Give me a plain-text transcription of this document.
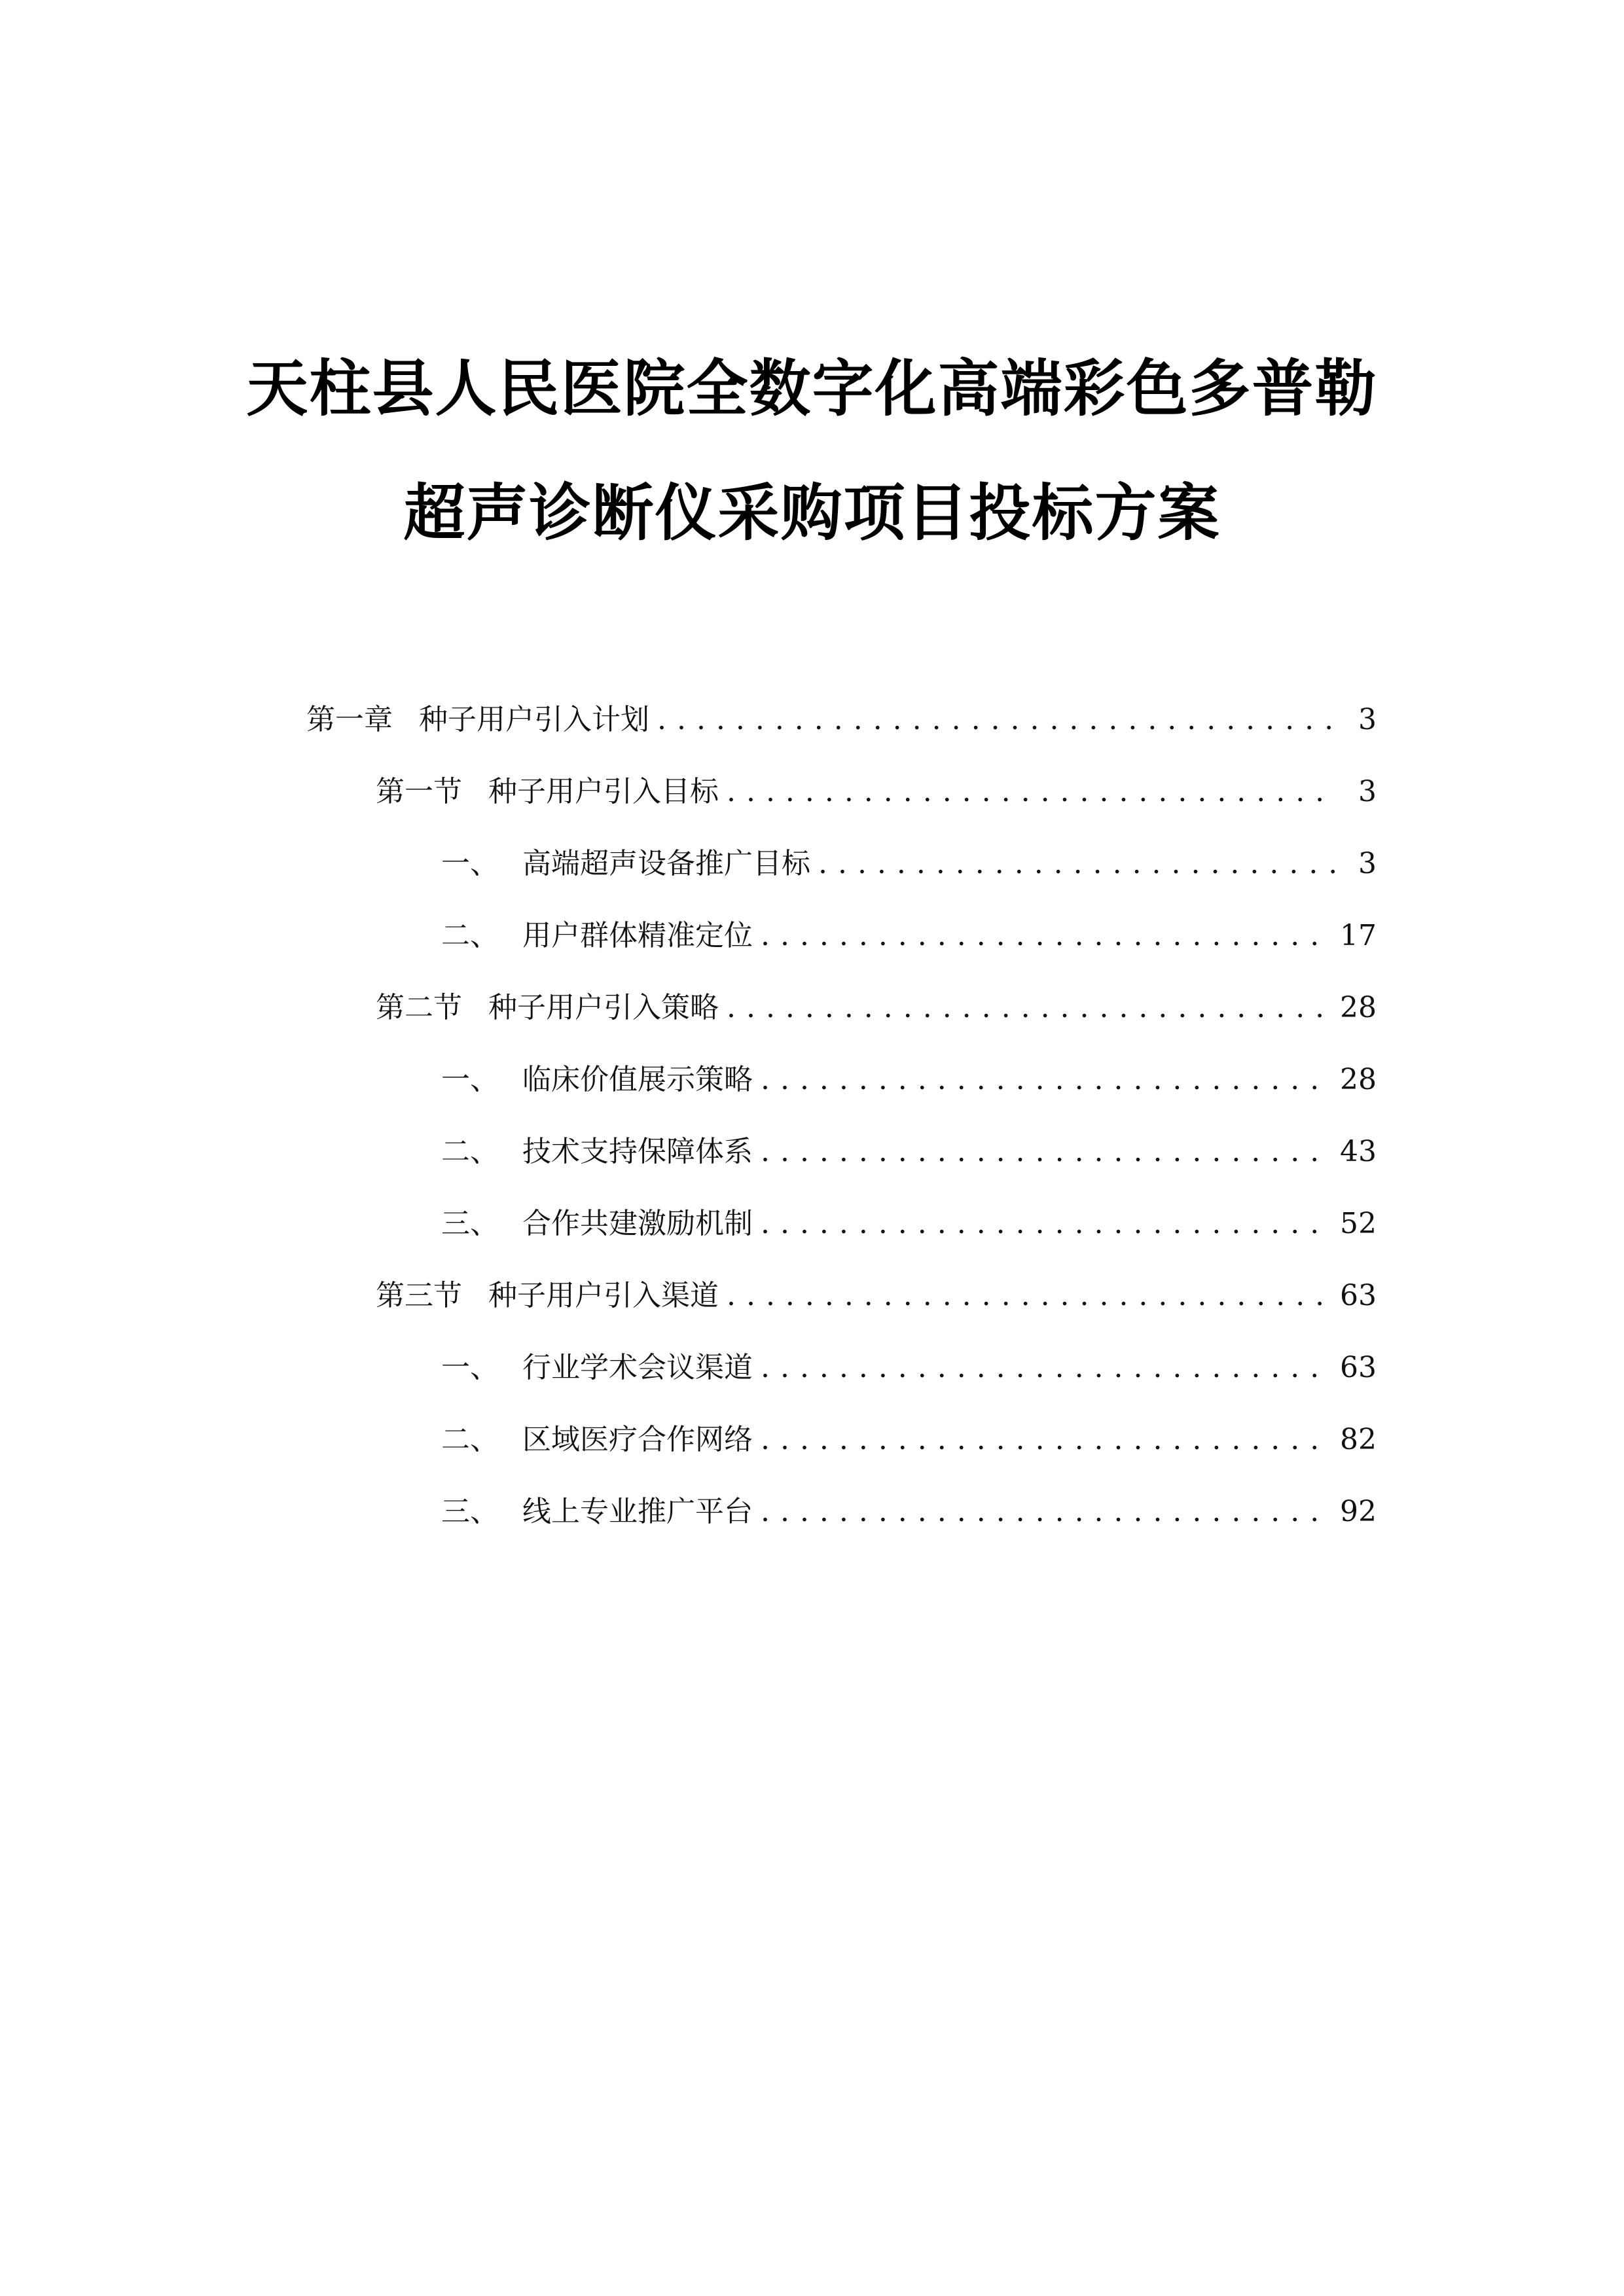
天柱县人民医院全数字化高端彩色多普勒
超声诊断仪采购项目投标方案
第一章 种子用户引入计划 . . .	3
第一节 种子用户引入目标 . . .	3
一、 高端超声设备推广目标 . . .	3
二、 用户群体精准定位 . . .	17
第二节 种子用户引入策略 . . .	28
一、 临床价值展示策略 . . .	28
二、 技术支持保障体系 . . .	43
三、 合作共建激励机制 . . .	52
第三节 种子用户引入渠道 . . .	63
一、 行业学术会议渠道 . . .	63
二、 区域医疗合作网络 . . .	82
三、 线上专业推广平台 . . .	92
